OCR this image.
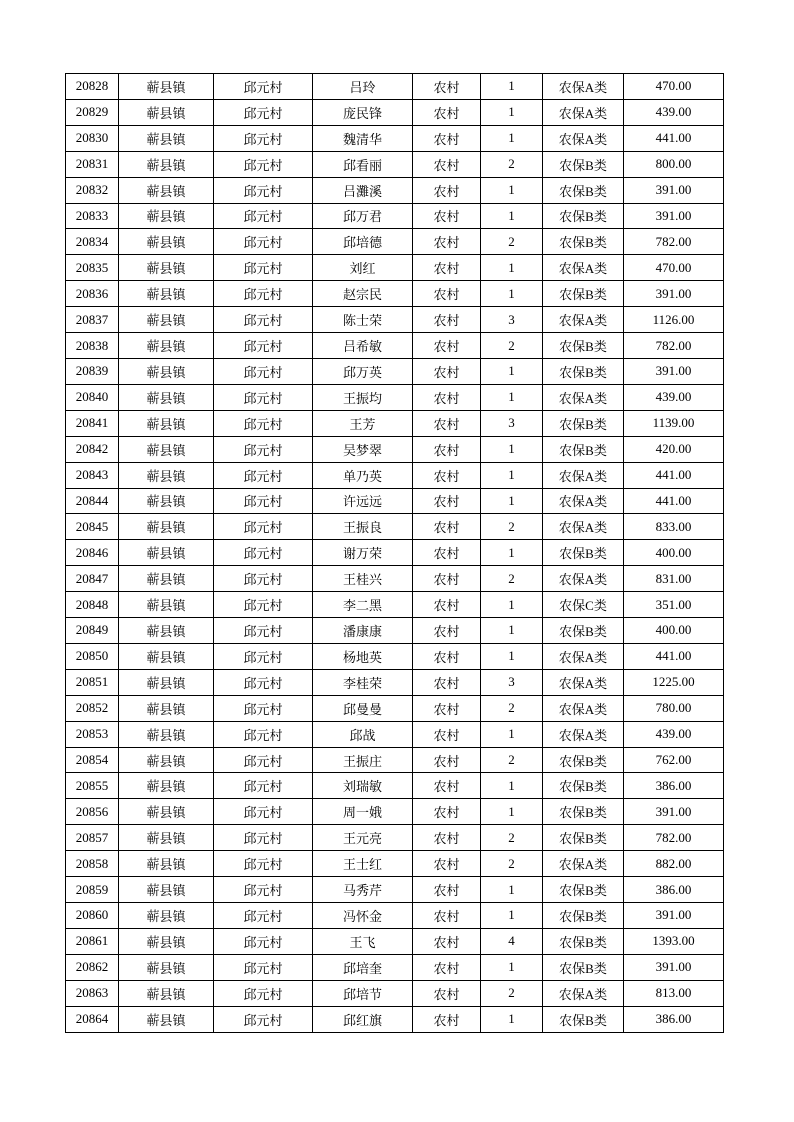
20828	蕲县镇	邱元村	吕玲	农村	1	农保A类	470.00
20829	蕲县镇	邱元村	庞民锋	农村	1	农保A类	439.00
20830	蕲县镇	邱元村	魏清华	农村	1	农保A类	441.00
20831	蕲县镇	邱元村	邱看丽	农村	2	农保B类	800.00
20832	蕲县镇	邱元村	吕灘溪	农村	1	农保B类	391.00
20833	蕲县镇	邱元村	邱万君	农村	1	农保B类	391.00
20834	蕲县镇	邱元村	邱培德	农村	2	农保B类	782.00
20835	蕲县镇	邱元村	刘红	农村	1	农保A类	470.00
20836	蕲县镇	邱元村	赵宗民	农村	1	农保B类	391.00
20837	蕲县镇	邱元村	陈士荣	农村	3	农保A类	1126.00
20838	蕲县镇	邱元村	吕希敏	农村	2	农保B类	782.00
20839	蕲县镇	邱元村	邱万英	农村	1	农保B类	391.00
20840	蕲县镇	邱元村	王振均	农村	1	农保A类	439.00
20841	蕲县镇	邱元村	王芳	农村	3	农保B类	1139.00
20842	蕲县镇	邱元村	吴梦翠	农村	1	农保B类	420.00
20843	蕲县镇	邱元村	单乃英	农村	1	农保A类	441.00
20844	蕲县镇	邱元村	许远远	农村	1	农保A类	441.00
20845	蕲县镇	邱元村	王振良	农村	2	农保A类	833.00
20846	蕲县镇	邱元村	谢万荣	农村	1	农保B类	400.00
20847	蕲县镇	邱元村	王桂兴	农村	2	农保A类	831.00
20848	蕲县镇	邱元村	李二黑	农村	1	农保C类	351.00
20849	蕲县镇	邱元村	潘康康	农村	1	农保B类	400.00
20850	蕲县镇	邱元村	杨地英	农村	1	农保A类	441.00
20851	蕲县镇	邱元村	李桂荣	农村	3	农保A类	1225.00
20852	蕲县镇	邱元村	邱曼曼	农村	2	农保A类	780.00
20853	蕲县镇	邱元村	邱战	农村	1	农保A类	439.00
20854	蕲县镇	邱元村	王振庄	农村	2	农保B类	762.00
20855	蕲县镇	邱元村	刘瑞敏	农村	1	农保B类	386.00
20856	蕲县镇	邱元村	周一娥	农村	1	农保B类	391.00
20857	蕲县镇	邱元村	王元亮	农村	2	农保B类	782.00
20858	蕲县镇	邱元村	王士红	农村	2	农保A类	882.00
20859	蕲县镇	邱元村	马秀芹	农村	1	农保B类	386.00
20860	蕲县镇	邱元村	冯怀金	农村	1	农保B类	391.00
20861	蕲县镇	邱元村	王飞	农村	4	农保B类	1393.00
20862	蕲县镇	邱元村	邱培奎	农村	1	农保B类	391.00
20863	蕲县镇	邱元村	邱培节	农村	2	农保A类	813.00
20864	蕲县镇	邱元村	邱红旗	农村	1	农保B类	386.00
